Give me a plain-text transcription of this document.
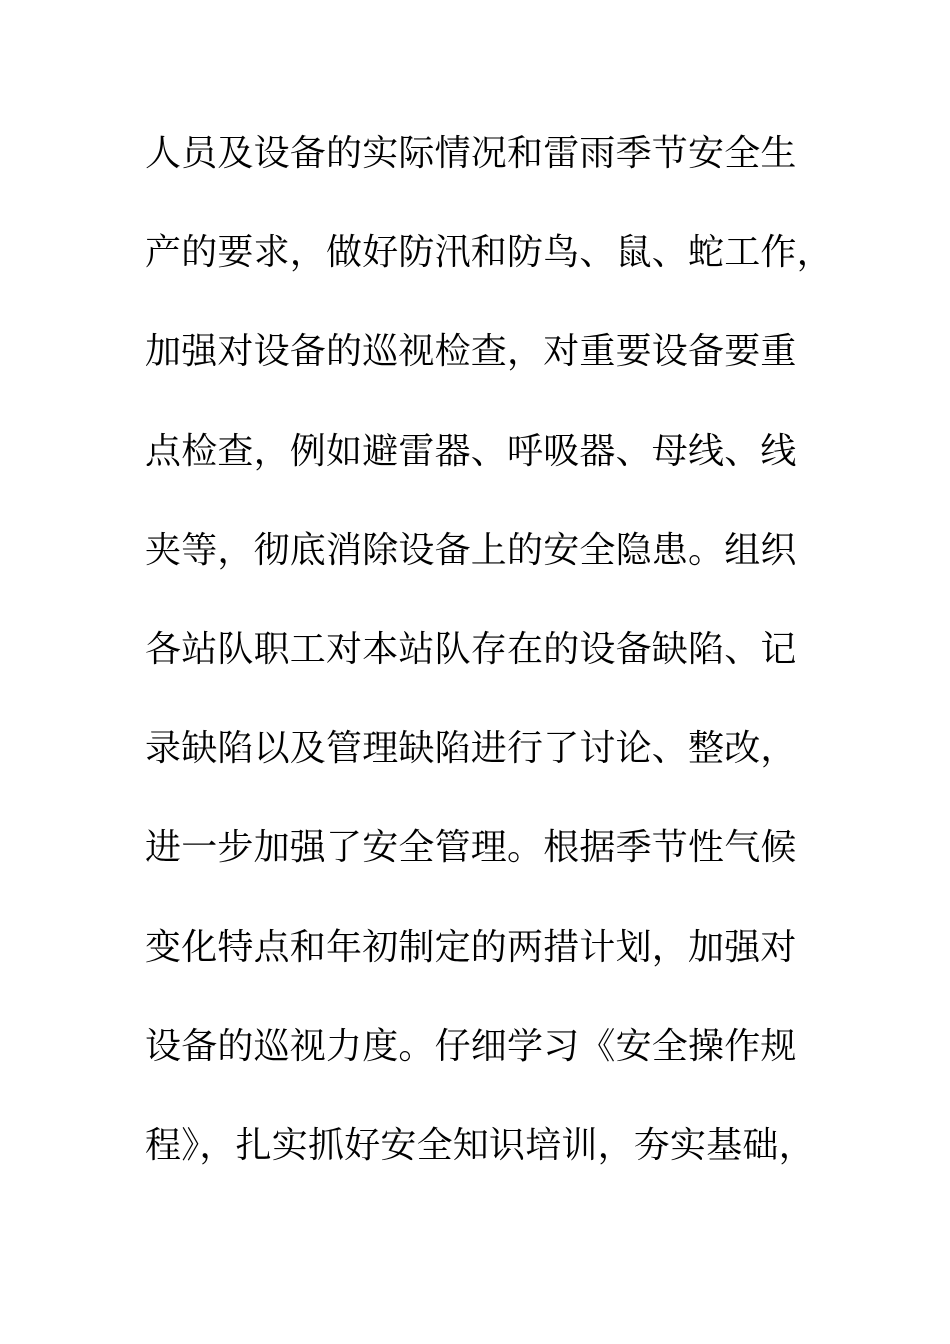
人员及设备的实际情况和雷雨季节安全生
产的要求，做好防汛和防鸟、鼠、蛇工作，
加强对设备的巡视检查，对重要设备要重
点检查，例如避雷器、呼吸器、母线、线
夹等，彻底消除设备上的安全隐患。组织
各站队职工对本站队存在的设备缺陷、记
录缺陷以及管理缺陷进行了讨论、整改，
进一步加强了安全管理。根据季节性气候
变化特点和年初制定的两措计划，加强对
设备的巡视力度。仔细学习《安全操作规
程》，扎实抓好安全知识培训，夯实基础，
